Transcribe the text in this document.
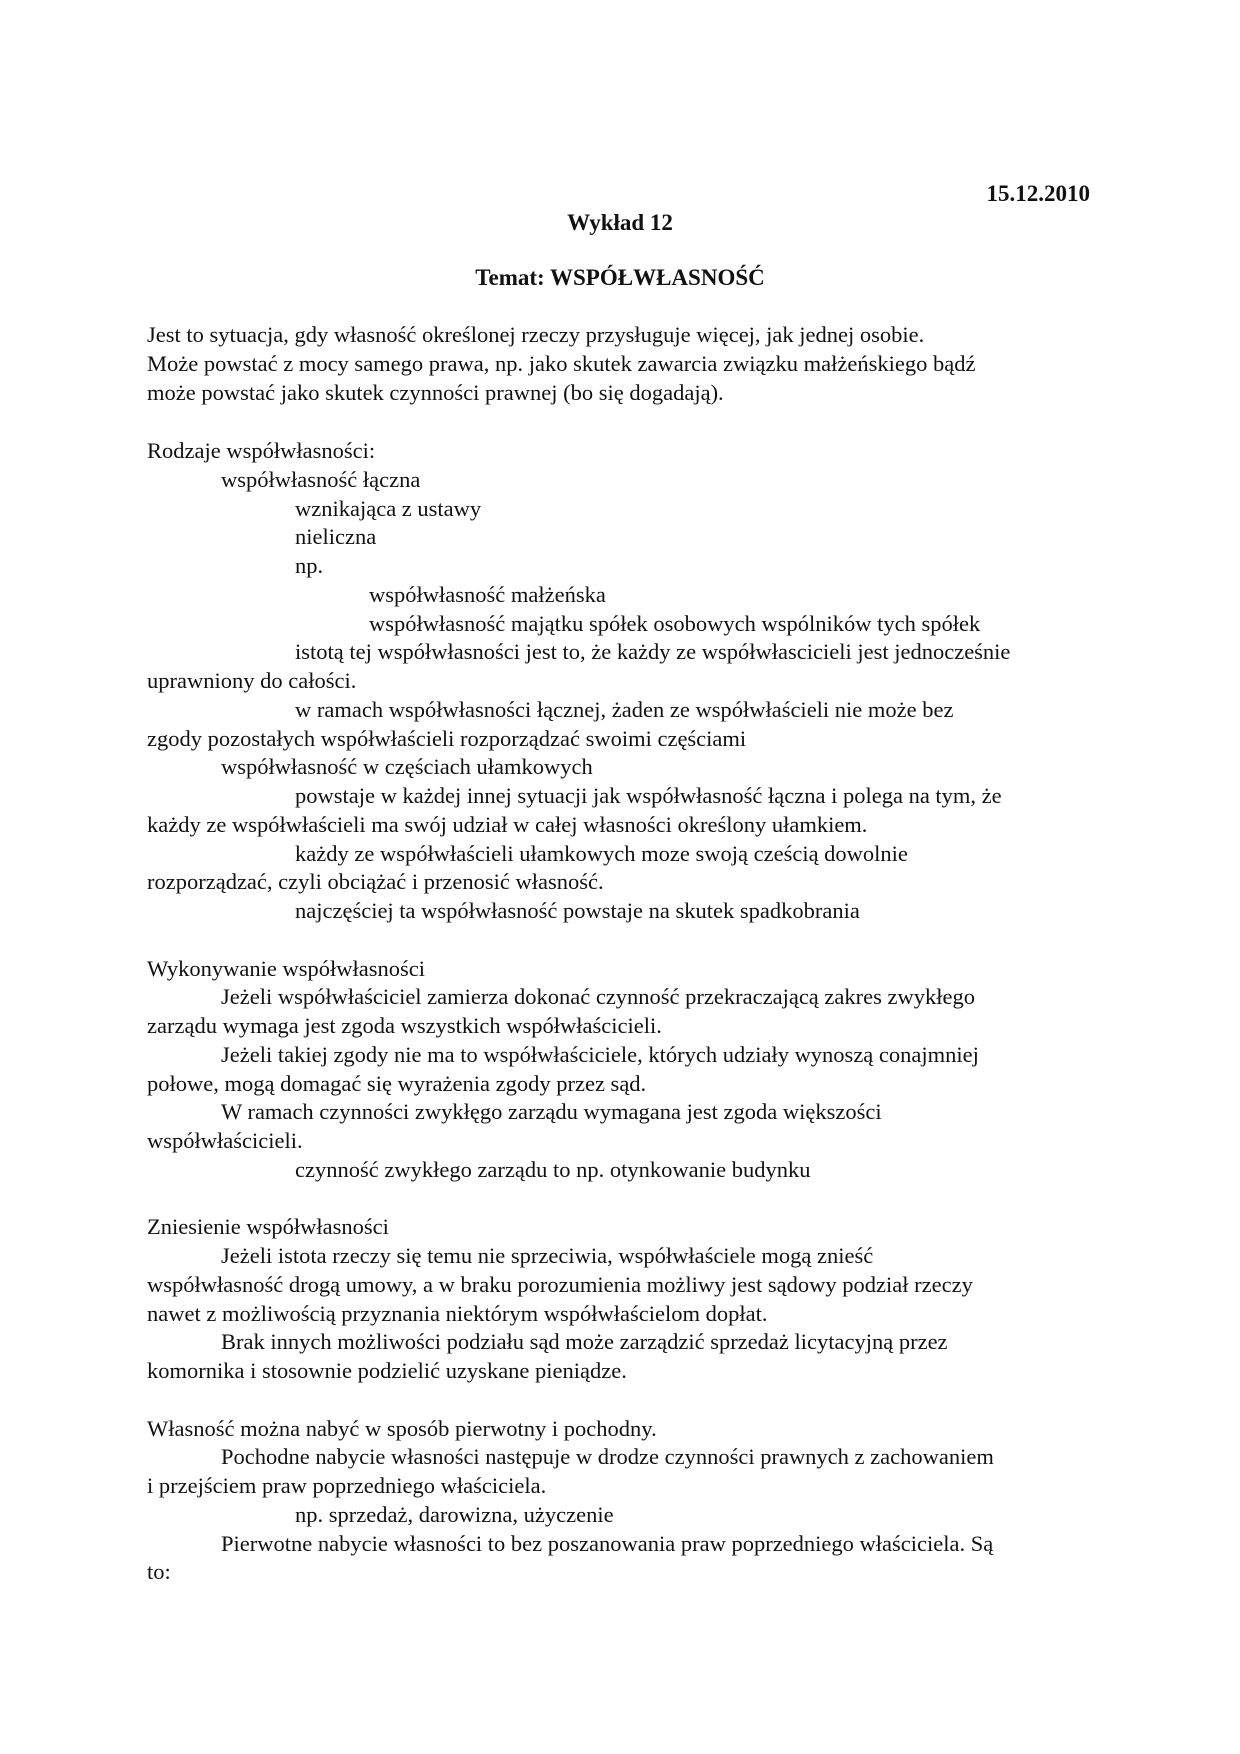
15.12.2010
Wykład 12
Temat: WSPÓŁWŁASNOŚĆ
Jest to sytuacja, gdy własność określonej rzeczy przysługuje więcej, jak jednej osobie.
Może powstać z mocy samego prawa, np. jako skutek zawarcia związku małżeńskiego bądź
może powstać jako skutek czynności prawnej (bo się dogadają).
Rodzaje współwłasności:
współwłasność łączna
wznikająca z ustawy
nieliczna
np.
współwłasność małżeńska
współwłasność majątku spółek osobowych wspólników tych spółek
istotą tej współwłasności jest to, że każdy ze współwłascicieli jest jednocześnie
uprawniony do całości.
w ramach współwłasności łącznej, żaden ze współwłaścieli nie może bez
zgody pozostałych współwłaścieli rozporządzać swoimi częściami
współwłasność w częściach ułamkowych
powstaje w każdej innej sytuacji jak współwłasność łączna i polega na tym, że
każdy ze współwłaścieli ma swój udział w całej własności określony ułamkiem.
każdy ze współwłaścieli ułamkowych moze swoją cześcią dowolnie
rozporządzać, czyli obciążać i przenosić własność.
najczęściej ta współwłasność powstaje na skutek spadkobrania
Wykonywanie współwłasności
Jeżeli współwłaściciel zamierza dokonać czynność przekraczającą zakres zwykłego
zarządu wymaga jest zgoda wszystkich współwłaścicieli.
Jeżeli takiej zgody nie ma to współwłaściciele, których udziały wynoszą conajmniej
połowe, mogą domagać się wyrażenia zgody przez sąd.
W ramach czynności zwykłęgo zarządu wymagana jest zgoda większości
współwłaścicieli.
czynność zwykłego zarządu to np. otynkowanie budynku
Zniesienie współwłasności
Jeżeli istota rzeczy się temu nie sprzeciwia, współwłaściele mogą znieść
współwłasność drogą umowy, a w braku porozumienia możliwy jest sądowy podział rzeczy
nawet z możliwością przyznania niektórym współwłaścielom dopłat.
Brak innych możliwości podziału sąd może zarządzić sprzedaż licytacyjną przez
komornika i stosownie podzielić uzyskane pieniądze.
Własność można nabyć w sposób pierwotny i pochodny.
Pochodne nabycie własności następuje w drodze czynności prawnych z zachowaniem
i przejściem praw poprzedniego właściciela.
np. sprzedaż, darowizna, użyczenie
Pierwotne nabycie własności to bez poszanowania praw poprzedniego właściciela. Są
to:
